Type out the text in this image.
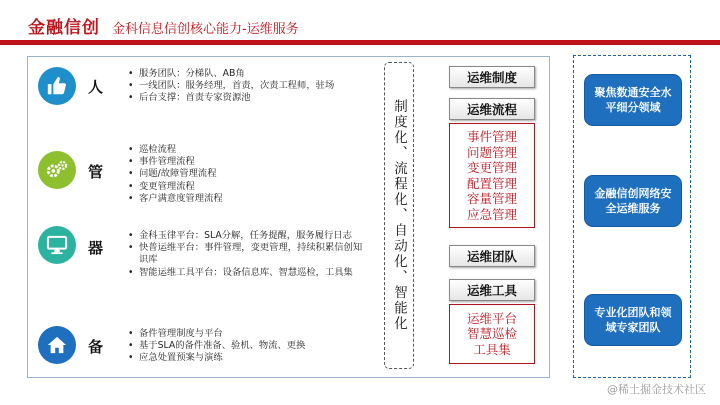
金融信创 金科信息信创核心能力-运维服务
人
• 服务团队：分梯队、AB角
• 一线团队：服务经理，首责，次责工程师，驻场
• 后台支撑：首责专家资源池
管
• 巡检流程
• 事件管理流程
• 问题/故障管理流程
• 变更管理流程
• 客户满意度管理流程
器
• 金科玉律平台：SLA分解，任务提醒，服务履行日志
• 快普运维平台：事件管理，变更管理，持续积累信创知识库
• 智能运维工具平台：设备信息库、智慧巡检，工具集
备
• 备件管理制度与平台
• 基于SLA的备件准备、验机、物流、更换
• 应急处置预案与演练
制度化、流程化、自动化、智能化
运维制度
运维流程
事件管理
问题管理
变更管理
配置管理
容量管理
应急管理
运维团队
运维工具
运维平台
智慧巡检
工具集
聚焦数通安全水平细分领域
金融信创网络安全运维服务
专业化团队和领域专家团队
@稀土掘金技术社区
